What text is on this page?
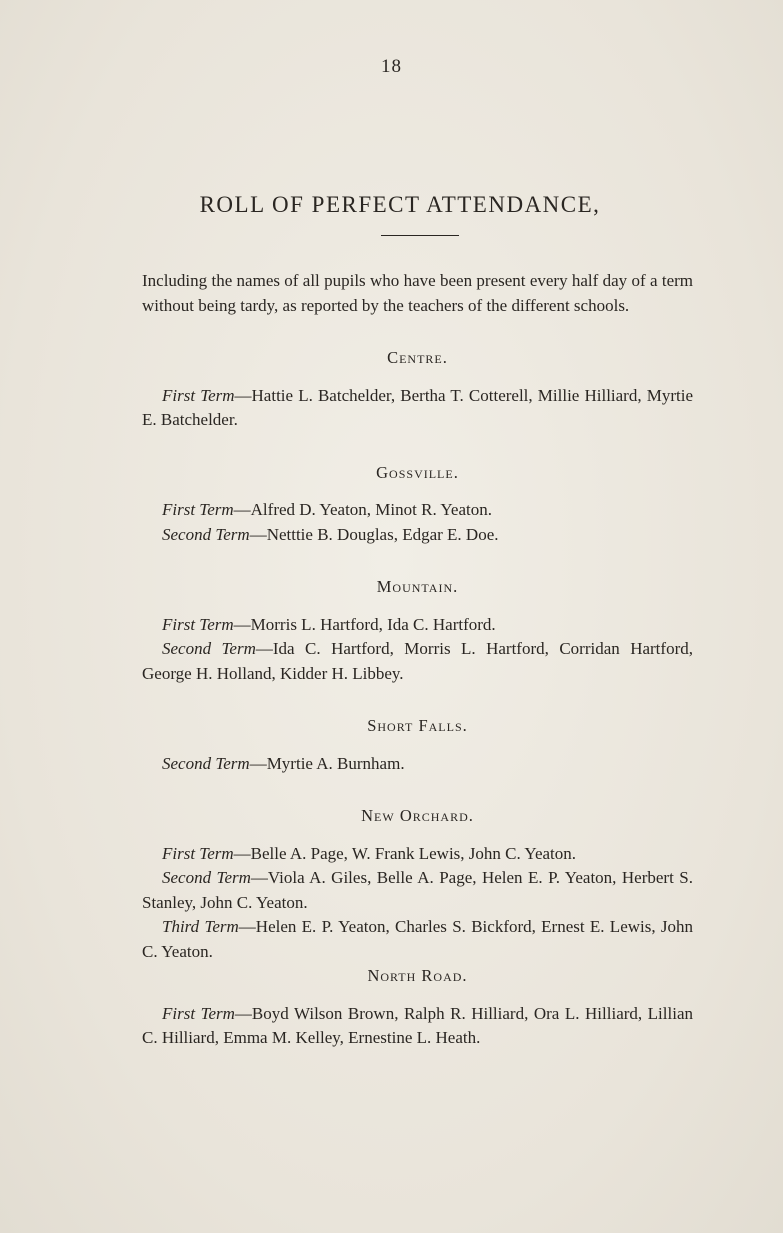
18
ROLL OF PERFECT ATTENDANCE,

Including the names of all pupils who have been present every half day of a term without being tardy, as reported by the teachers of the different schools.

Centre.

First Term—Hattie L. Batchelder, Bertha T. Cotterell, Millie Hilliard, Myrtie E. Batchelder.

Gossville.

First Term—Alfred D. Yeaton, Minot R. Yeaton.

Second Term—Netttie B. Douglas, Edgar E. Doe.

Mountain.

First Term—Morris L. Hartford, Ida C. Hartford.

Second Term—Ida C. Hartford, Morris L. Hartford, Corridan Hartford, George H. Holland, Kidder H. Libbey.

Short Falls.

Second Term—Myrtie A. Burnham.

New Orchard.

First Term—Belle A. Page, W. Frank Lewis, John C. Yeaton.

Second Term—Viola A. Giles, Belle A. Page, Helen E. P. Yeaton, Herbert S. Stanley, John C. Yeaton.

Third Term—Helen E. P. Yeaton, Charles S. Bickford, Ernest E. Lewis, John C. Yeaton.

North Road.

First Term—Boyd Wilson Brown, Ralph R. Hilliard, Ora L. Hilliard, Lillian C. Hilliard, Emma M. Kelley, Ernestine L. Heath.
